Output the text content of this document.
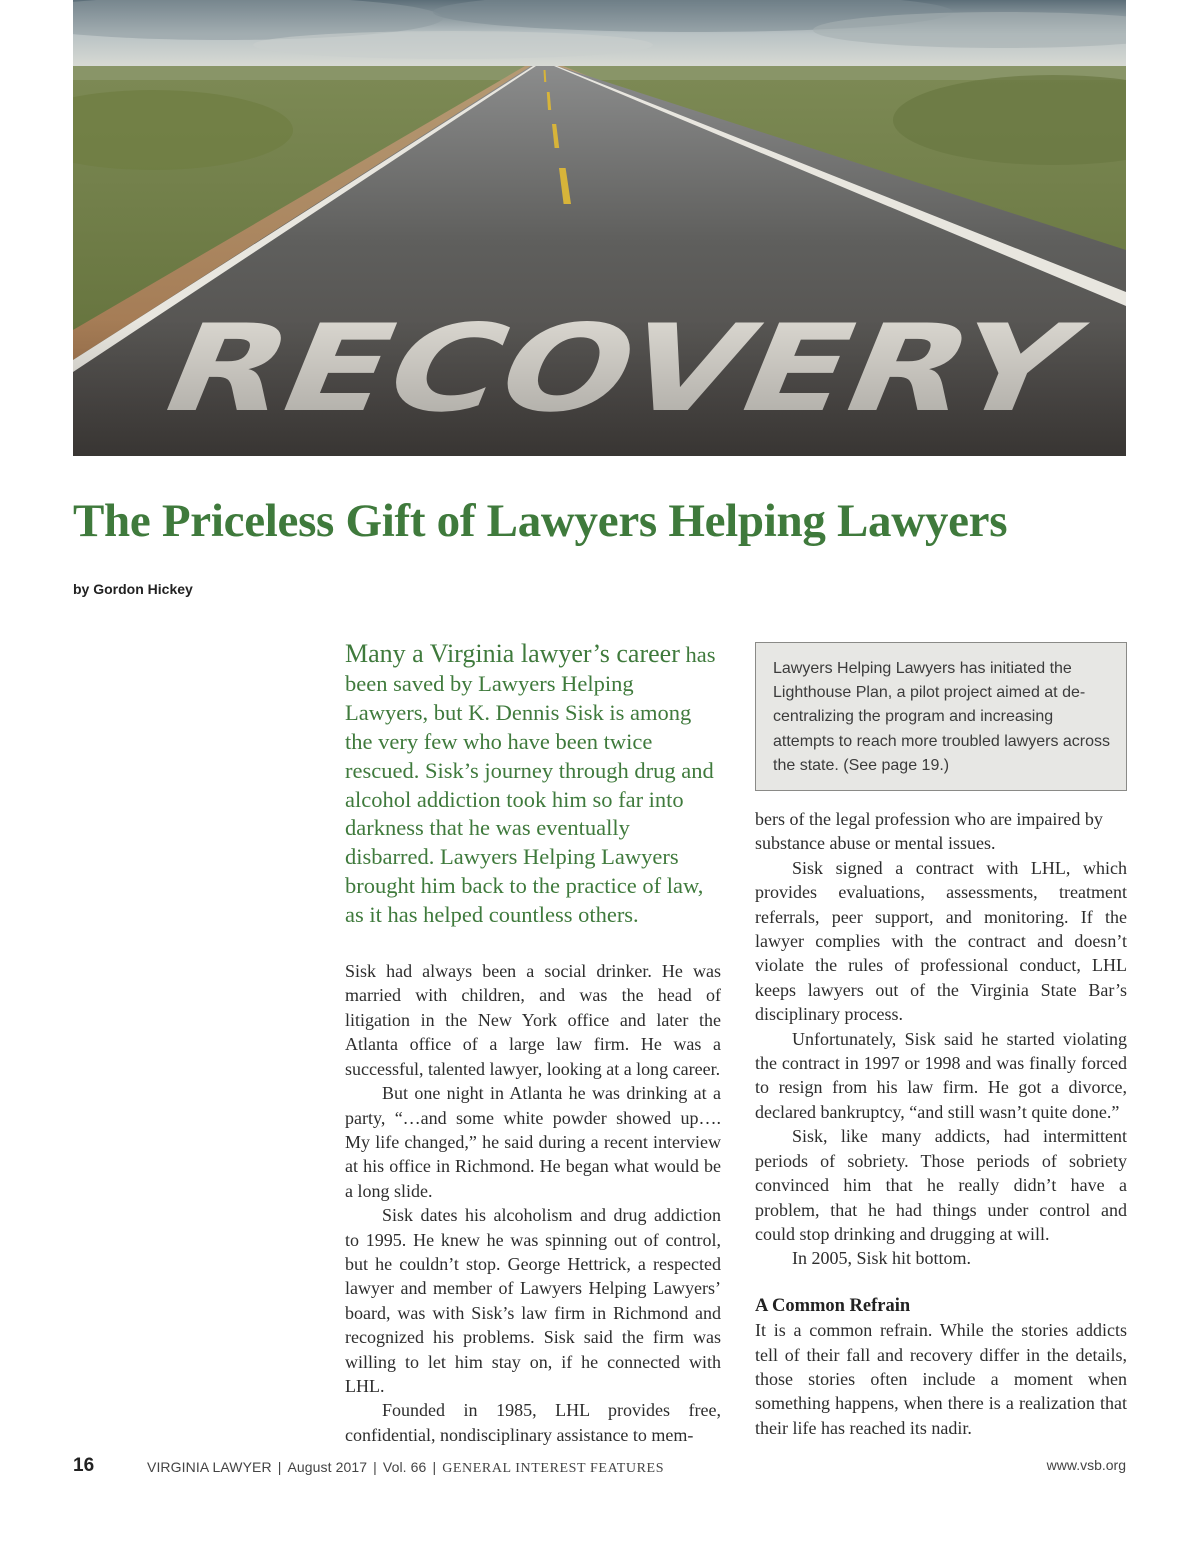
The Priceless Gift of Lawyers Helping Lawyers
by Gordon Hickey

Many a Virginia lawyer’s career has been saved by Lawyers Helping Lawyers, but K. Dennis Sisk is among the very few who have been twice rescued. Sisk’s journey through drug and alcohol addiction took him so far into darkness that he was eventually disbarred. Lawyers Helping Lawyers brought him back to the practice of law, as it has helped countless others.

Sisk had always been a social drinker. He was married with children, and was the head of litigation in the New York office and later the Atlanta office of a large law firm. He was a successful, talented lawyer, looking at a long career.

But one night in Atlanta he was drinking at a party, “…and some white powder showed up…. My life changed,” he said during a recent interview at his office in Richmond. He began what would be a long slide.

Sisk dates his alcoholism and drug addiction to 1995. He knew he was spinning out of control, but he couldn’t stop. George Hettrick, a respected lawyer and member of Lawyers Helping Lawyers’ board, was with Sisk’s law firm in Richmond and recognized his problems. Sisk said the firm was willing to let him stay on, if he connected with LHL.

Founded in 1985, LHL provides free, confidential, nondisciplinary assistance to mem-

Lawyers Helping Lawyers has initiated the Lighthouse Plan, a pilot project aimed at de-centralizing the program and increasing attempts to reach more troubled lawyers across the state. (See page 19.)

bers of the legal profession who are impaired by substance abuse or mental issues.

Sisk signed a contract with LHL, which provides evaluations, assessments, treatment referrals, peer support, and monitoring. If the lawyer complies with the contract and doesn’t violate the rules of professional conduct, LHL keeps lawyers out of the Virginia State Bar’s disciplinary process.

Unfortunately, Sisk said he started violating the contract in 1997 or 1998 and was finally forced to resign from his law firm. He got a divorce, declared bankruptcy, “and still wasn’t quite done.”

Sisk, like many addicts, had intermittent periods of sobriety. Those periods of sobriety convinced him that he really didn’t have a problem, that he had things under control and could stop drinking and drugging at will.

In 2005, Sisk hit bottom.

A Common Refrain

It is a common refrain. While the stories addicts tell of their fall and recovery differ in the details, those stories often include a moment when something happens, when there is a realization that their life has reached its nadir.

16	VIRGINIA LAWYER | August 2017 | Vol. 66 | GENERAL INTEREST FEATURES	www.vsb.org
